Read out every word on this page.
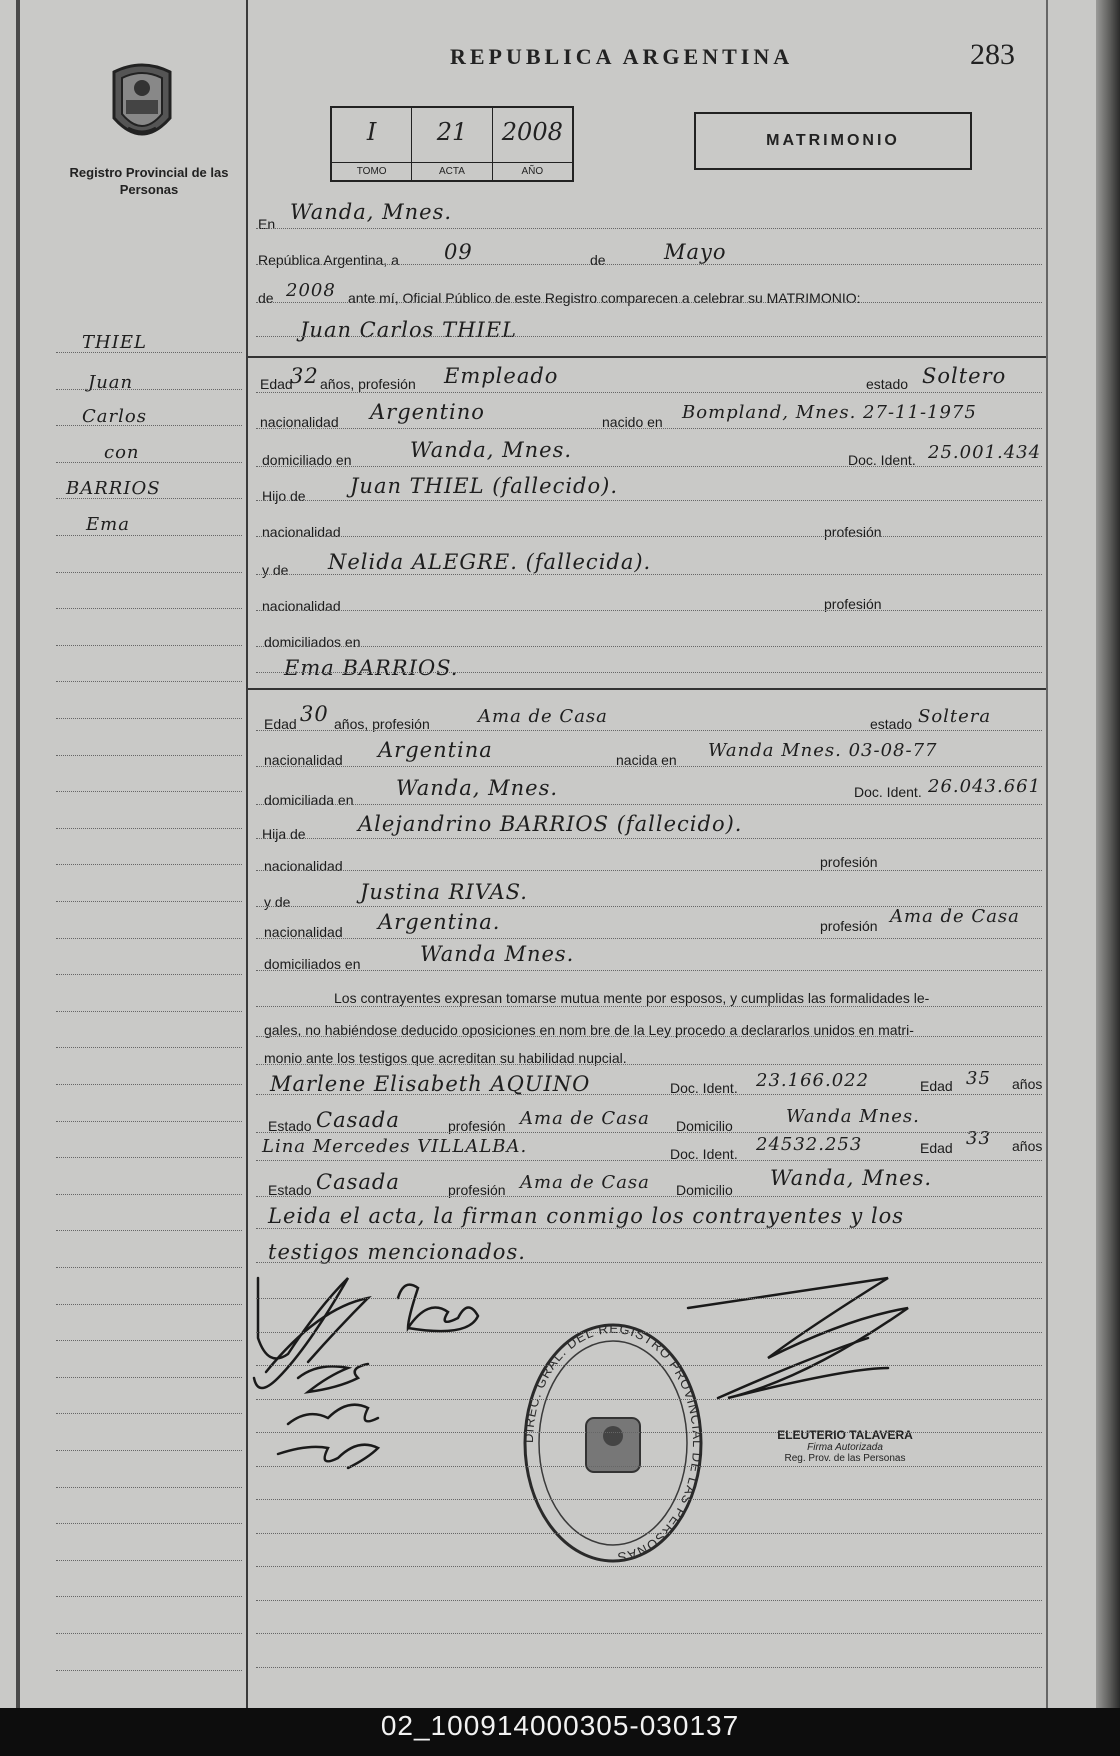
REPUBLICA ARGENTINA	283
Registro Provincial de las Personas
I
TOMO
21
ACTA
2008
AÑO
MATRIMONIO
THIEL
Juan
Carlos
con
BARRIOS
Ema
En Wanda, Mnes.
República Argentina, a 09	de	Mayo
de 2008 ante mí, Oficial Público de este Registro comparecen a celebrar su MATRIMONIO:
Juan Carlos THIEL
Edad
32 años, profesión Empleado	estado Soltero
nacionalidad Argentino	nacido en Bompland, Mnes. 27-11-1975
domiciliado en	Wanda, Mnes.	Doc. Ident. 25.001.434
Hijo de Juan THIEL (fallecido).
nacionalidad	profesión
y de Nelida ALEGRE. (fallecida).
nacionalidad	profesión
domiciliados en
Ema BARRIOS.
Edad 30 años, profesión	Ama de Casa	estado Soltera
nacionalidad Argentina	nacida en Wanda Mnes. 03-08-77
domiciliada en Wanda, Mnes.	Doc. Ident. 26.043.661
Hija de Alejandrino BARRIOS (fallecido).
nacionalidad	profesión
y de	Justina RIVAS.
nacionalidad Argentina.	profesión Ama de Casa
domiciliados en	Wanda Mnes.
Los contrayentes expresan tomarse mutua mente por esposos, y cumplidas las formalidades le-
gales, no habiéndose deducido oposiciones en nom bre de la Ley procedo a declararlos unidos en matri-
monio ante los testigos que acreditan su habilidad nupcial.
Marlene Elisabeth AQUINO	Doc. Ident. 23.166.022	Edad 35 años
Estado Casada	profesión Ama de Casa Domicilio	Wanda Mnes.
Lina Mercedes VILLALBA.	Doc. Ident. 24532.253	Edad 33 años
Estado Casada	profesión Ama de Casa Domicilio Wanda, Mnes.
Leida el acta, la firman conmigo los contrayentes y los
testigos mencionados.
DIREC. GRAL. DEL REGISTRO PROVINCIAL DE LAS PERSONAS
ELEUTERIO TALAVERA
Firma Autorizada
Reg. Prov. de las Personas
02_100914000305-030137
